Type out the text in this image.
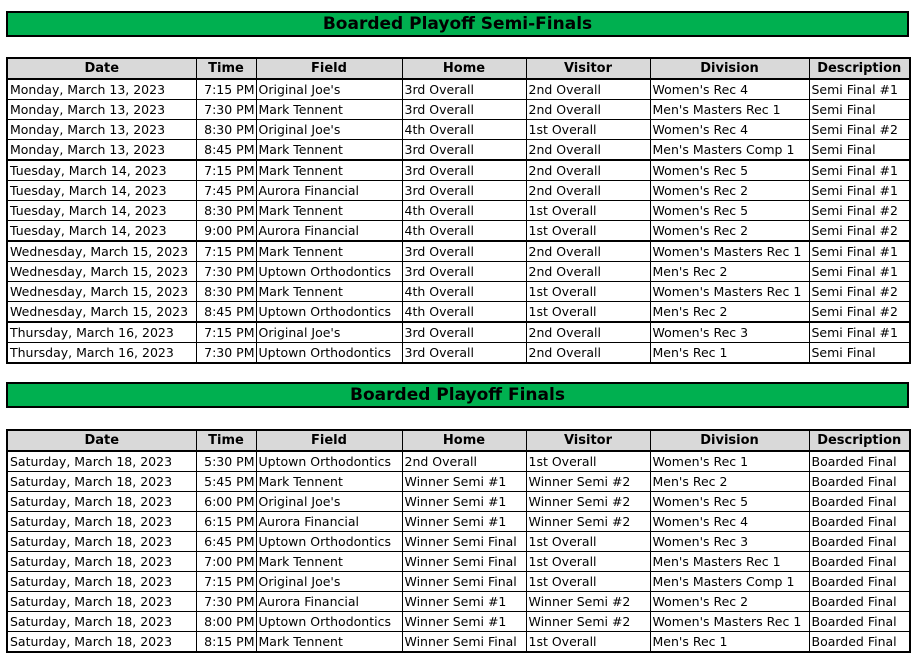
Boarded Playoff Semi-Finals
Date	Time	Field	Home	Visitor	Division	Description
Monday, March 13, 2023	7:15 PM	Original Joe's	3rd Overall	2nd Overall	Women's Rec 4	Semi Final #1
Monday, March 13, 2023	7:30 PM	Mark Tennent	3rd Overall	2nd Overall	Men's Masters Rec 1	Semi Final
Monday, March 13, 2023	8:30 PM	Original Joe's	4th Overall	1st Overall	Women's Rec 4	Semi Final #2
Monday, March 13, 2023	8:45 PM	Mark Tennent	3rd Overall	2nd Overall	Men's Masters Comp 1	Semi Final
Tuesday, March 14, 2023	7:15 PM	Mark Tennent	3rd Overall	2nd Overall	Women's Rec 5	Semi Final #1
Tuesday, March 14, 2023	7:45 PM	Aurora Financial	3rd Overall	2nd Overall	Women's Rec 2	Semi Final #1
Tuesday, March 14, 2023	8:30 PM	Mark Tennent	4th Overall	1st Overall	Women's Rec 5	Semi Final #2
Tuesday, March 14, 2023	9:00 PM	Aurora Financial	4th Overall	1st Overall	Women's Rec 2	Semi Final #2
Wednesday, March 15, 2023	7:15 PM	Mark Tennent	3rd Overall	2nd Overall	Women's Masters Rec 1	Semi Final #1
Wednesday, March 15, 2023	7:30 PM	Uptown Orthodontics	3rd Overall	2nd Overall	Men's Rec 2	Semi Final #1
Wednesday, March 15, 2023	8:30 PM	Mark Tennent	4th Overall	1st Overall	Women's Masters Rec 1	Semi Final #2
Wednesday, March 15, 2023	8:45 PM	Uptown Orthodontics	4th Overall	1st Overall	Men's Rec 2	Semi Final #2
Thursday, March 16, 2023	7:15 PM	Original Joe's	3rd Overall	2nd Overall	Women's Rec 3	Semi Final #1
Thursday, March 16, 2023	7:30 PM	Uptown Orthodontics	3rd Overall	2nd Overall	Men's Rec 1	Semi Final
Boarded Playoff Finals
Date	Time	Field	Home	Visitor	Division	Description
Saturday, March 18, 2023	5:30 PM	Uptown Orthodontics	2nd Overall	1st Overall	Women's Rec 1	Boarded Final
Saturday, March 18, 2023	5:45 PM	Mark Tennent	Winner Semi #1	Winner Semi #2	Men's Rec 2	Boarded Final
Saturday, March 18, 2023	6:00 PM	Original Joe's	Winner Semi #1	Winner Semi #2	Women's Rec 5	Boarded Final
Saturday, March 18, 2023	6:15 PM	Aurora Financial	Winner Semi #1	Winner Semi #2	Women's Rec 4	Boarded Final
Saturday, March 18, 2023	6:45 PM	Uptown Orthodontics	Winner Semi Final	1st Overall	Women's Rec 3	Boarded Final
Saturday, March 18, 2023	7:00 PM	Mark Tennent	Winner Semi Final	1st Overall	Men's Masters Rec 1	Boarded Final
Saturday, March 18, 2023	7:15 PM	Original Joe's	Winner Semi Final	1st Overall	Men's Masters Comp 1	Boarded Final
Saturday, March 18, 2023	7:30 PM	Aurora Financial	Winner Semi #1	Winner Semi #2	Women's Rec 2	Boarded Final
Saturday, March 18, 2023	8:00 PM	Uptown Orthodontics	Winner Semi #1	Winner Semi #2	Women's Masters Rec 1	Boarded Final
Saturday, March 18, 2023	8:15 PM	Mark Tennent	Winner Semi Final	1st Overall	Men's Rec 1	Boarded Final
